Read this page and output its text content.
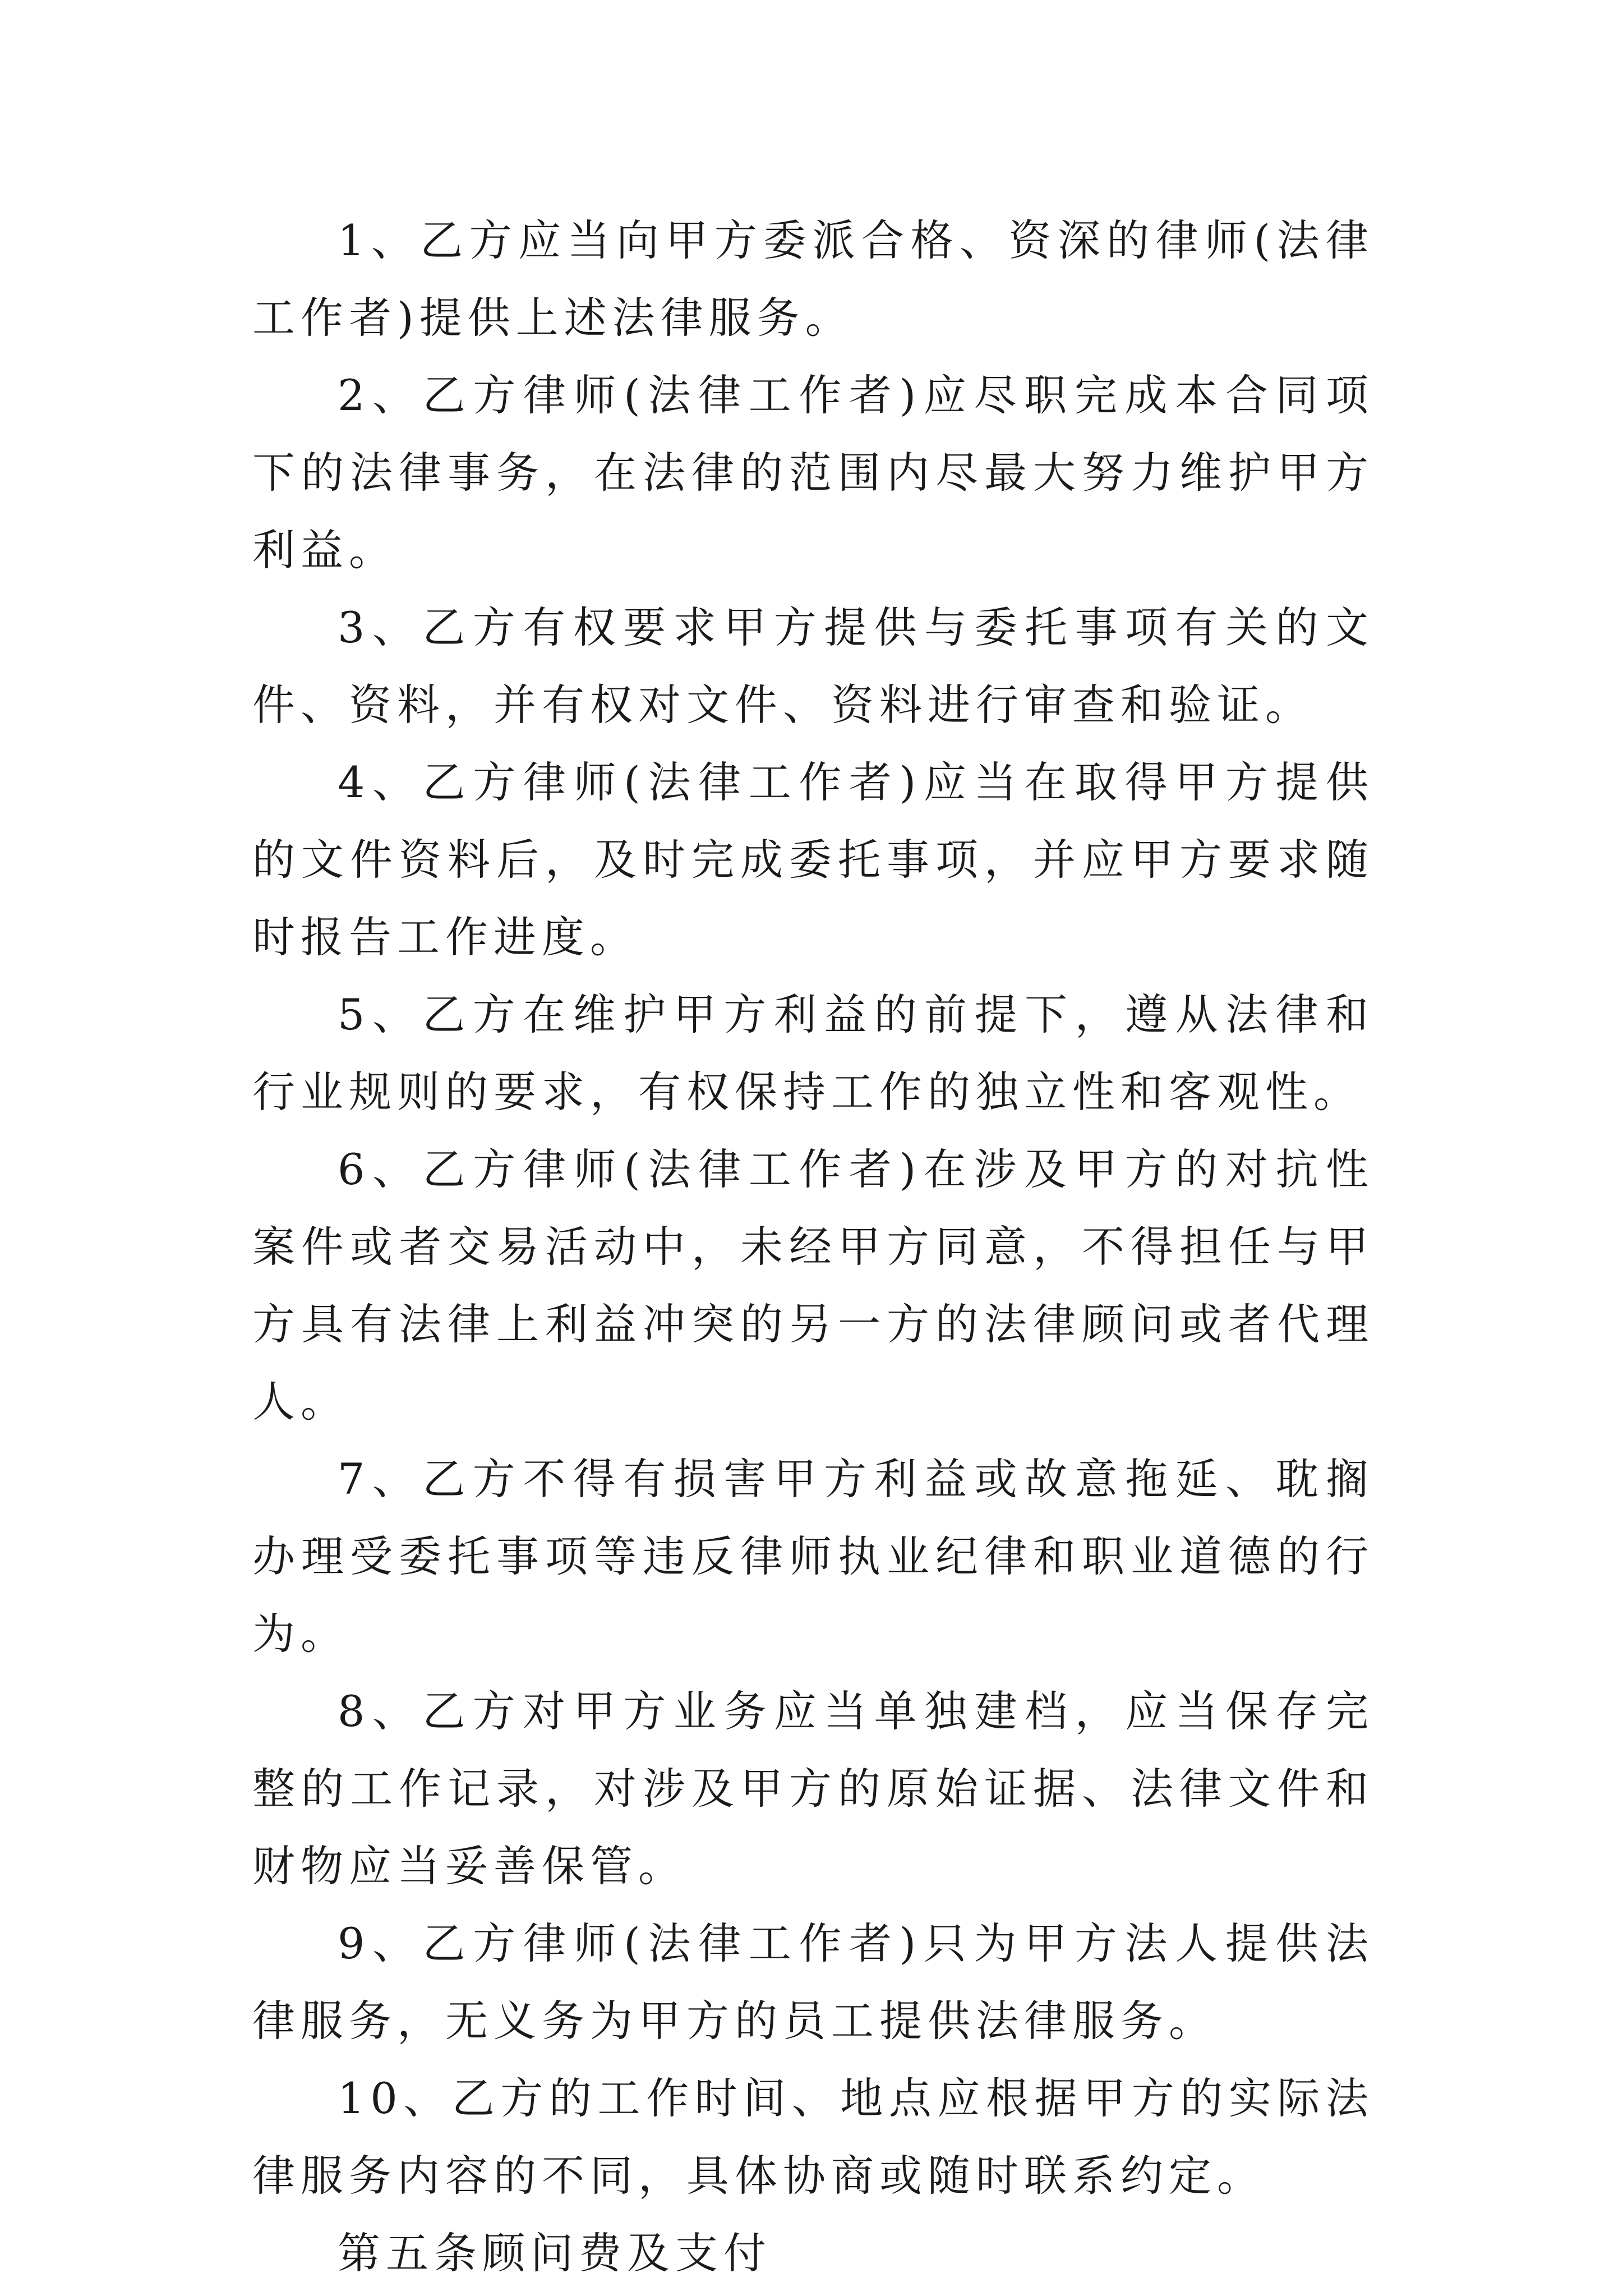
1、乙方应当向甲方委派合格、资深的律师(法律工作者)提供上述法律服务。

2、乙方律师(法律工作者)应尽职完成本合同项下的法律事务，在法律的范围内尽最大努力维护甲方利益。

3、乙方有权要求甲方提供与委托事项有关的文件、资料，并有权对文件、资料进行审查和验证。

4、乙方律师(法律工作者)应当在取得甲方提供的文件资料后，及时完成委托事项，并应甲方要求随时报告工作进度。

5、乙方在维护甲方利益的前提下，遵从法律和行业规则的要求，有权保持工作的独立性和客观性。

6、乙方律师(法律工作者)在涉及甲方的对抗性案件或者交易活动中，未经甲方同意，不得担任与甲方具有法律上利益冲突的另一方的法律顾问或者代理人。

7、乙方不得有损害甲方利益或故意拖延、耽搁办理受委托事项等违反律师执业纪律和职业道德的行为。

8、乙方对甲方业务应当单独建档，应当保存完整的工作记录，对涉及甲方的原始证据、法律文件和财物应当妥善保管。

9、乙方律师(法律工作者)只为甲方法人提供法律服务，无义务为甲方的员工提供法律服务。

10、乙方的工作时间、地点应根据甲方的实际法律服务内容的不同，具体协商或随时联系约定。

第五条顾问费及支付
